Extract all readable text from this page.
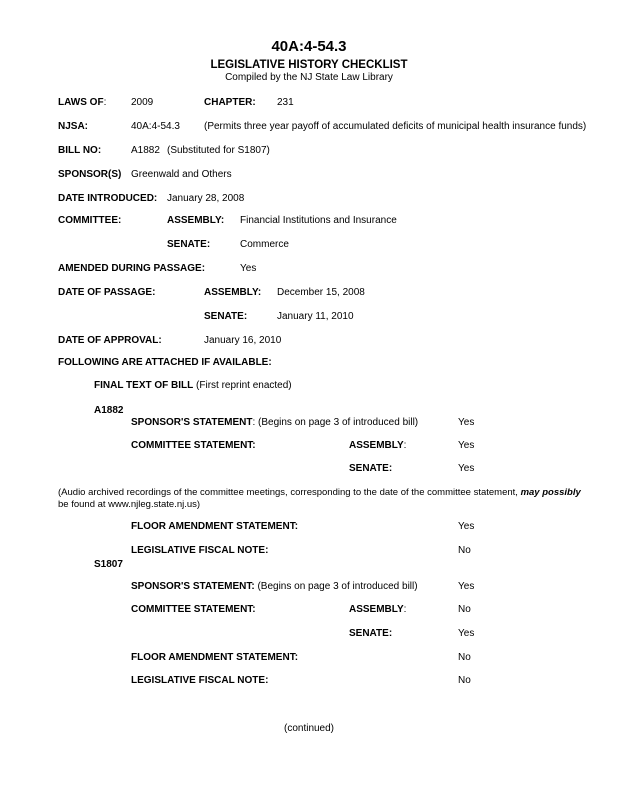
40A:4-54.3
LEGISLATIVE HISTORY CHECKLIST
Compiled by the NJ State Law Library
LAWS OF: 2009	CHAPTER: 231
NJSA:	40A:4-54.3 (Permits three year payoff of accumulated deficits of municipal health insurance funds)
BILL NO:	A1882 (Substituted for S1807)
SPONSOR(S) Greenwald and Others
DATE INTRODUCED: January 28, 2008
COMMITTEE:	ASSEMBLY: Financial Institutions and Insurance
SENATE:	Commerce
AMENDED DURING PASSAGE:	Yes
DATE OF PASSAGE:	ASSEMBLY: December 15, 2008
SENATE:	January 11, 2010
DATE OF APPROVAL:	January 16, 2010
FOLLOWING ARE ATTACHED IF AVAILABLE:
FINAL TEXT OF BILL (First reprint enacted)
A1882
SPONSOR'S STATEMENT: (Begins on page 3 of introduced bill)	Yes
COMMITTEE STATEMENT:	ASSEMBLY:	Yes
SENATE:	Yes
(Audio archived recordings of the committee meetings, corresponding to the date of the committee statement, may possibly
be found at www.njleg.state.nj.us)
FLOOR AMENDMENT STATEMENT:	Yes
LEGISLATIVE FISCAL NOTE:	No
S1807
SPONSOR'S STATEMENT: (Begins on page 3 of introduced bill)	Yes
COMMITTEE STATEMENT:	ASSEMBLY:	No
SENATE:	Yes
FLOOR AMENDMENT STATEMENT:	No
LEGISLATIVE FISCAL NOTE:	No
(continued)
